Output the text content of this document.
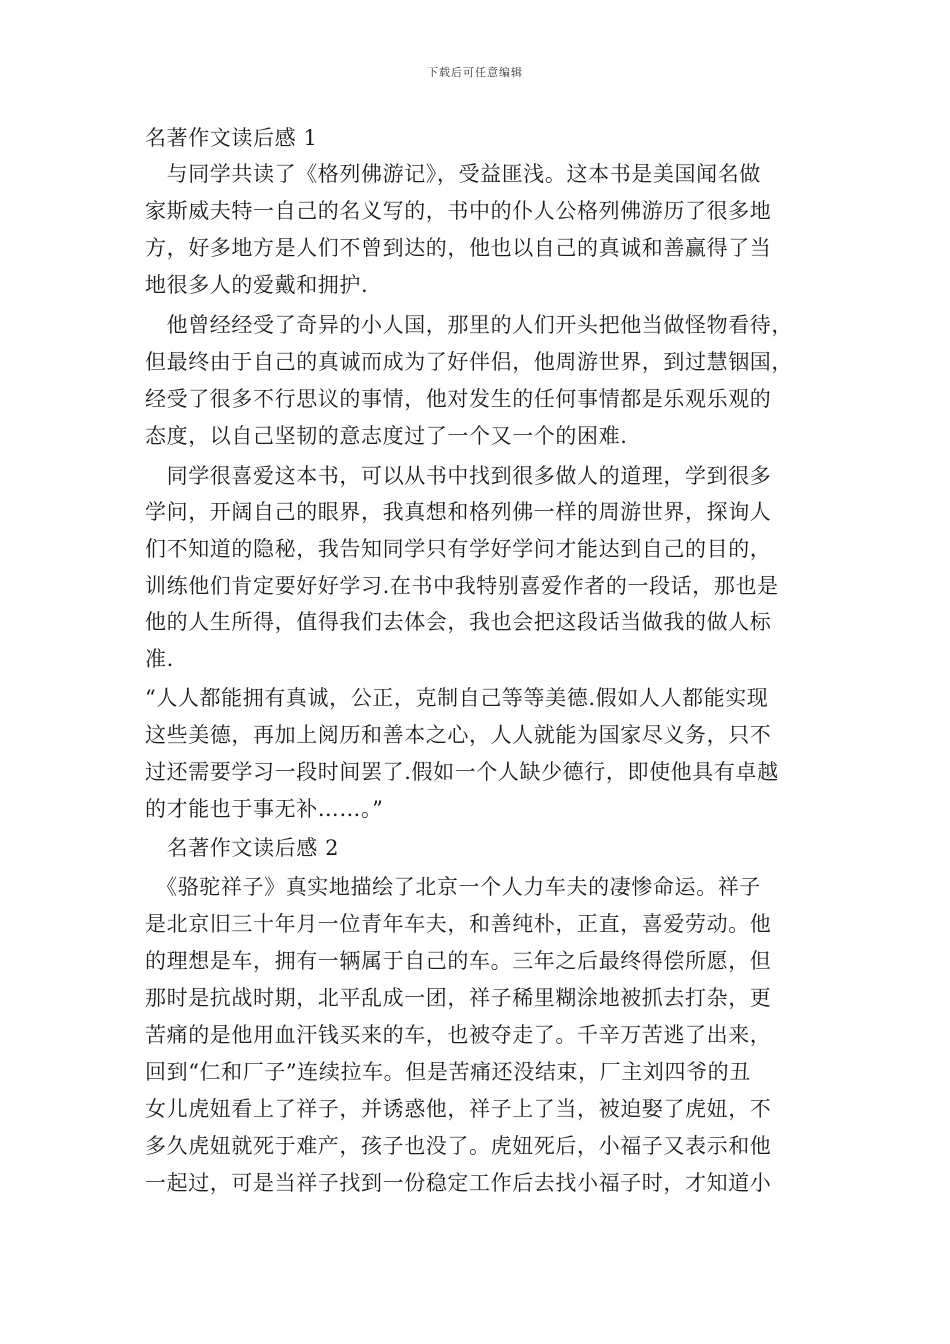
下载后可任意编辑
名著作文读后感 1
　与同学共读了《格列佛游记》，受益匪浅。这本书是美国闻名做
家斯威夫特一自己的名义写的，书中的仆人公格列佛游历了很多地
方，好多地方是人们不曾到达的，他也以自己的真诚和善赢得了当
地很多人的爱戴和拥护.
　他曾经经受了奇异的小人国，那里的人们开头把他当做怪物看待，
但最终由于自己的真诚而成为了好伴侣，他周游世界，到过慧铟国，
经受了很多不行思议的事情，他对发生的任何事情都是乐观乐观的
态度，以自己坚韧的意志度过了一个又一个的困难.
　同学很喜爱这本书，可以从书中找到很多做人的道理，学到很多
学问，开阔自己的眼界，我真想和格列佛一样的周游世界，探询人
们不知道的隐秘，我告知同学只有学好学问才能达到自己的目的，
训练他们肯定要好好学习.在书中我特别喜爱作者的一段话，那也是
他的人生所得，值得我们去体会，我也会把这段话当做我的做人标
准.
“人人都能拥有真诚，公正，克制自己等等美德.假如人人都能实现
这些美德，再加上阅历和善本之心，人人就能为国家尽义务，只不
过还需要学习一段时间罢了.假如一个人缺少德行，即使他具有卓越
的才能也于事无补……。”
　名著作文读后感 2
　《骆驼祥子》真实地描绘了北京一个人力车夫的凄惨命运。祥子
是北京旧三十年月一位青年车夫，和善纯朴，正直，喜爱劳动。他
的理想是车，拥有一辆属于自己的车。三年之后最终得偿所愿，但
那时是抗战时期，北平乱成一团，祥子稀里糊涂地被抓去打杂，更
苦痛的是他用血汗钱买来的车，也被夺走了。千辛万苦逃了出来，
回到“仁和厂子”连续拉车。但是苦痛还没结束，厂主刘四爷的丑
女儿虎妞看上了祥子，并诱惑他，祥子上了当，被迫娶了虎妞，不
多久虎妞就死于难产，孩子也没了。虎妞死后，小福子又表示和他
一起过，可是当祥子找到一份稳定工作后去找小福子时，才知道小
